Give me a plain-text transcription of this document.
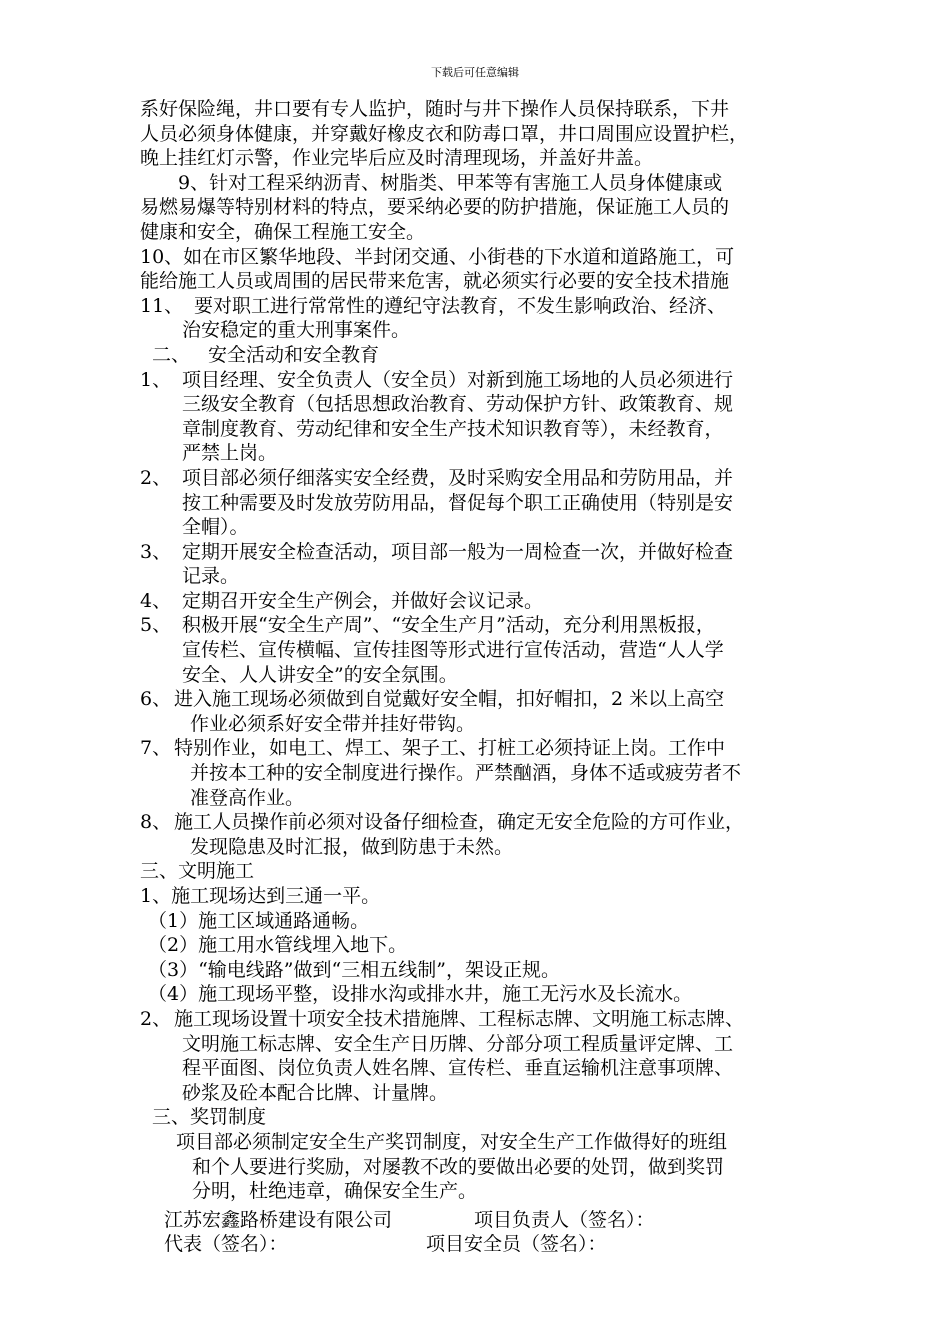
下载后可任意编辑
系好保险绳，井口要有专人监护，随时与井下操作人员保持联系，下井
人员必须身体健康，并穿戴好橡皮衣和防毒口罩，井口周围应设置护栏，
晚上挂红灯示警，作业完毕后应及时清理现场，并盖好井盖。
　　9、针对工程采纳沥青、树脂类、甲苯等有害施工人员身体健康或
易燃易爆等特别材料的特点，要采纳必要的防护措施，保证施工人员的
健康和安全，确保工程施工安全。
10、如在市区繁华地段、半封闭交通、小街巷的下水道和道路施工，可
能给施工人员或周围的居民带来危害，就必须实行必要的安全技术措施
11、 要对职工进行常常性的遵纪守法教育，不发生影响政治、经济、
治安稳定的重大刑事案件。
二、 安全活动和安全教育
1、 项目经理、安全负责人（安全员）对新到施工场地的人员必须进行
三级安全教育（包括思想政治教育、劳动保护方针、政策教育、规
章制度教育、劳动纪律和安全生产技术知识教育等），未经教育，
严禁上岗。
2、 项目部必须仔细落实安全经费，及时采购安全用品和劳防用品，并
按工种需要及时发放劳防用品，督促每个职工正确使用（特别是安
全帽）。
3、 定期开展安全检查活动，项目部一般为一周检查一次，并做好检查
记录。
4、 定期召开安全生产例会，并做好会议记录。
5、 积极开展“安全生产周”、“安全生产月”活动，充分利用黑板报，
宣传栏、宣传横幅、宣传挂图等形式进行宣传活动，营造“人人学
安全、人人讲安全”的安全氛围。
6、 进入施工现场必须做到自觉戴好安全帽，扣好帽扣，2 米以上高空
作业必须系好安全带并挂好带钩。
7、 特别作业，如电工、焊工、架子工、打桩工必须持证上岗。工作中
并按本工种的安全制度进行操作。严禁酗酒，身体不适或疲劳者不
准登高作业。
8、 施工人员操作前必须对设备仔细检查，确定无安全危险的方可作业，
发现隐患及时汇报，做到防患于未然。
三、文明施工
1、施工现场达到三通一平。
（1）施工区域通路通畅。
（2）施工用水管线埋入地下。
（3）“输电线路”做到“三相五线制”，架设正规。
（4）施工现场平整，设排水沟或排水井，施工无污水及长流水。
2、 施工现场设置十项安全技术措施牌、工程标志牌、文明施工标志牌、
文明施工标志牌、安全生产日历牌、分部分项工程质量评定牌、工
程平面图、岗位负责人姓名牌、宣传栏、垂直运输机注意事项牌、
砂浆及砼本配合比牌、计量牌。
三、奖罚制度
项目部必须制定安全生产奖罚制度，对安全生产工作做得好的班组
和个人要进行奖励，对屡教不改的要做出必要的处罚，做到奖罚
分明，杜绝违章，确保安全生产。
江苏宏鑫路桥建设有限公司	项目负责人（签名）：
代表（签名）：	项目安全员（签名）：
